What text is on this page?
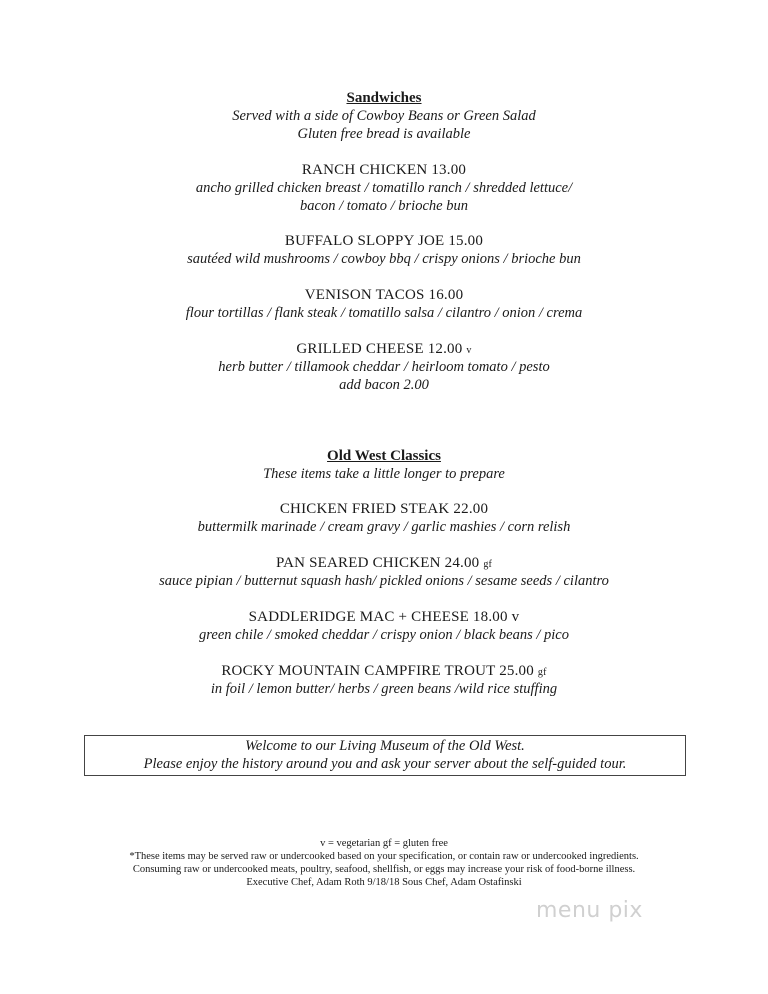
Sandwiches
Served with a side of Cowboy Beans or Green Salad
Gluten free bread is available
RANCH CHICKEN 13.00
ancho grilled chicken breast / tomatillo ranch / shredded lettuce/
bacon / tomato / brioche bun
BUFFALO SLOPPY JOE 15.00
sautéed wild mushrooms / cowboy bbq / crispy onions / brioche bun
VENISON TACOS 16.00
flour tortillas / flank steak / tomatillo salsa / cilantro / onion / crema
GRILLED CHEESE 12.00 v
herb butter / tillamook cheddar / heirloom tomato / pesto
add bacon 2.00
Old West Classics
These items take a little longer to prepare
CHICKEN FRIED STEAK 22.00
buttermilk marinade / cream gravy / garlic mashies / corn relish
PAN SEARED CHICKEN 24.00 gf
sauce pipian / butternut squash hash/ pickled onions / sesame seeds / cilantro
SADDLERIDGE MAC + CHEESE 18.00 v
green chile / smoked cheddar / crispy onion / black beans / pico
ROCKY MOUNTAIN CAMPFIRE TROUT 25.00 gf
in foil / lemon butter/ herbs / green beans /wild rice stuffing
Welcome to our Living Museum of the Old West.
Please enjoy the history around you and ask your server about the self-guided tour.
v = vegetarian gf = gluten free
*These items may be served raw or undercooked based on your specification, or contain raw or undercooked ingredients.
Consuming raw or undercooked meats, poultry, seafood, shellfish, or eggs may increase your risk of food-borne illness.
Executive Chef, Adam Roth 9/18/18 Sous Chef, Adam Ostafinski
menu pix
